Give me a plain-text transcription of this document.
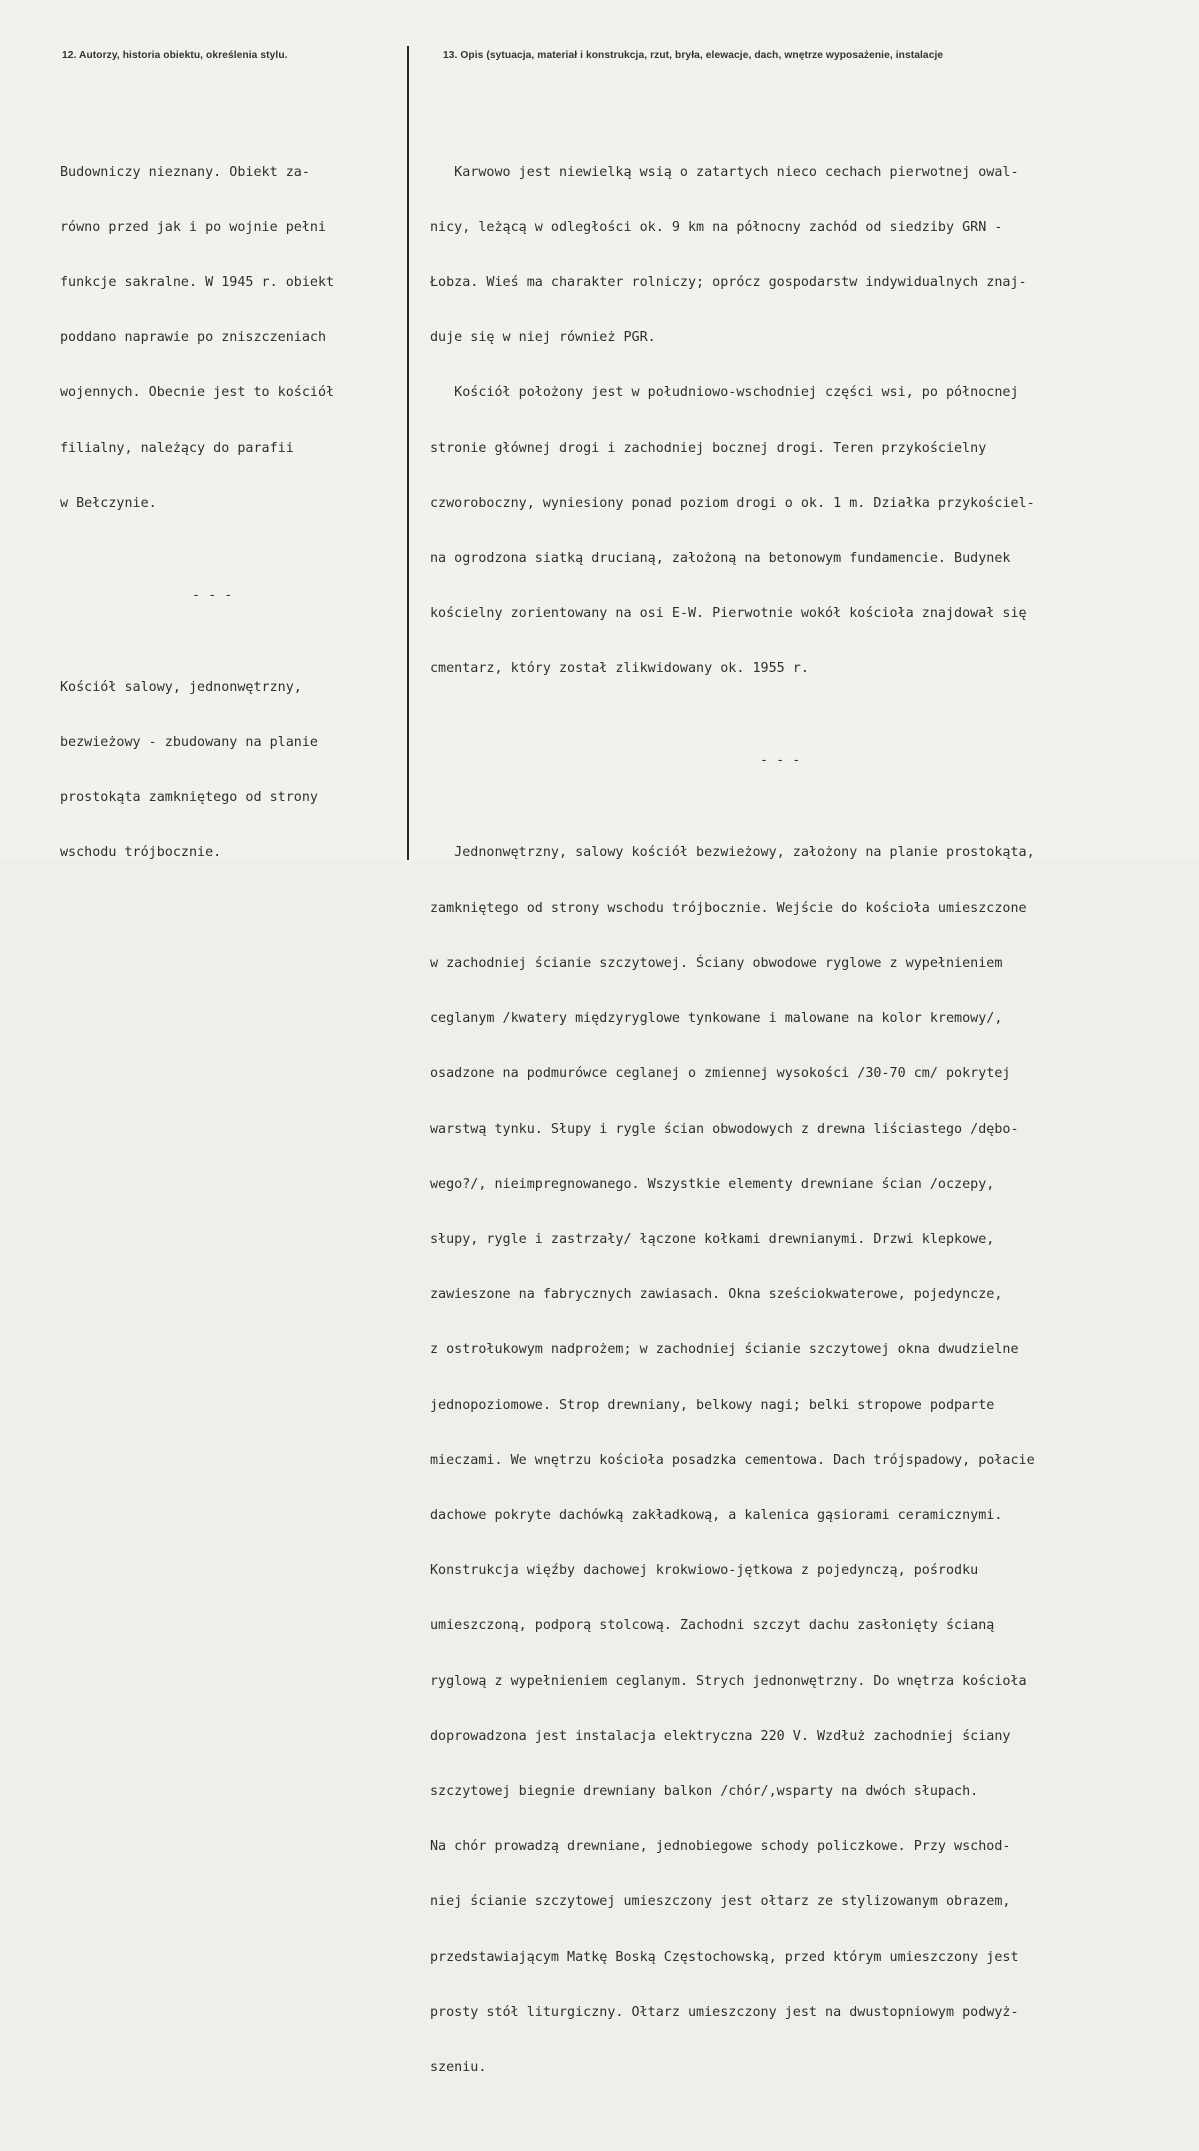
12. Autorzy, historia obiektu, określenia stylu.	13. Opis (sytuacja, materiał i konstrukcja, rzut, bryła, elewacje, dach, wnętrze wyposażenie, instalacje

Budowniczy nieznany. Obiekt za-

równo przed jak i po wojnie pełni

funkcje sakralne. W 1945 r. obiekt

poddano naprawie po zniszczeniach

wojennych. Obecnie jest to kościół

filialny, należący do parafii

w Bełczynie.

- - -

Kościół salowy, jednonwętrzny,

bezwieżowy - zbudowany na planie

prostokąta zamkniętego od strony

wschodu trójbocznie.

Karwowo jest niewielką wsią o zatartych nieco cechach pierwotnej owal-

nicy, leżącą w odległości ok. 9 km na północny zachód od siedziby GRN -

Łobza. Wieś ma charakter rolniczy; oprócz gospodarstw indywidualnych znaj-

duje się w niej również PGR.

Kościół położony jest w południowo-wschodniej części wsi, po północnej

stronie głównej drogi i zachodniej bocznej drogi. Teren przykościelny

czworoboczny, wyniesiony ponad poziom drogi o ok. 1 m. Działka przykościel-

na ogrodzona siatką drucianą, założoną na betonowym fundamencie. Budynek

kościelny zorientowany na osi E-W. Pierwotnie wokół kościoła znajdował się

cmentarz, który został zlikwidowany ok. 1955 r.

- - -

Jednonwętrzny, salowy kościół bezwieżowy, założony na planie prostokąta,

zamkniętego od strony wschodu trójbocznie. Wejście do kościoła umieszczone

w zachodniej ścianie szczytowej. Ściany obwodowe ryglowe z wypełnieniem

ceglanym /kwatery międzyryglowe tynkowane i malowane na kolor kremowy/,

osadzone na podmurówce ceglanej o zmiennej wysokości /30-70 cm/ pokrytej

warstwą tynku. Słupy i rygle ścian obwodowych z drewna liściastego /dębo-

wego?/, nieimpregnowanego. Wszystkie elementy drewniane ścian /oczepy,

słupy, rygle i zastrzały/ łączone kołkami drewnianymi. Drzwi klepkowe,

zawieszone na fabrycznych zawiasach. Okna sześciokwaterowe, pojedyncze,

z ostrołukowym nadprożem; w zachodniej ścianie szczytowej okna dwudzielne

jednopoziomowe. Strop drewniany, belkowy nagi; belki stropowe podparte

mieczami. We wnętrzu kościoła posadzka cementowa. Dach trójspadowy, połacie

dachowe pokryte dachówką zakładkową, a kalenica gąsiorami ceramicznymi.

Konstrukcja więźby dachowej krokwiowo-jętkowa z pojedynczą, pośrodku

umieszczoną, podporą stolcową. Zachodni szczyt dachu zasłonięty ścianą

ryglową z wypełnieniem ceglanym. Strych jednonwętrzny. Do wnętrza kościoła

doprowadzona jest instalacja elektryczna 220 V. Wzdłuż zachodniej ściany

szczytowej biegnie drewniany balkon /chór/,wsparty na dwóch słupach.

Na chór prowadzą drewniane, jednobiegowe schody policzkowe. Przy wschod-

niej ścianie szczytowej umieszczony jest ołtarz ze stylizowanym obrazem,

przedstawiającym Matkę Boską Częstochowską, przed którym umieszczony jest

prosty stół liturgiczny. Ołtarz umieszczony jest na dwustopniowym podwyż-

szeniu.
